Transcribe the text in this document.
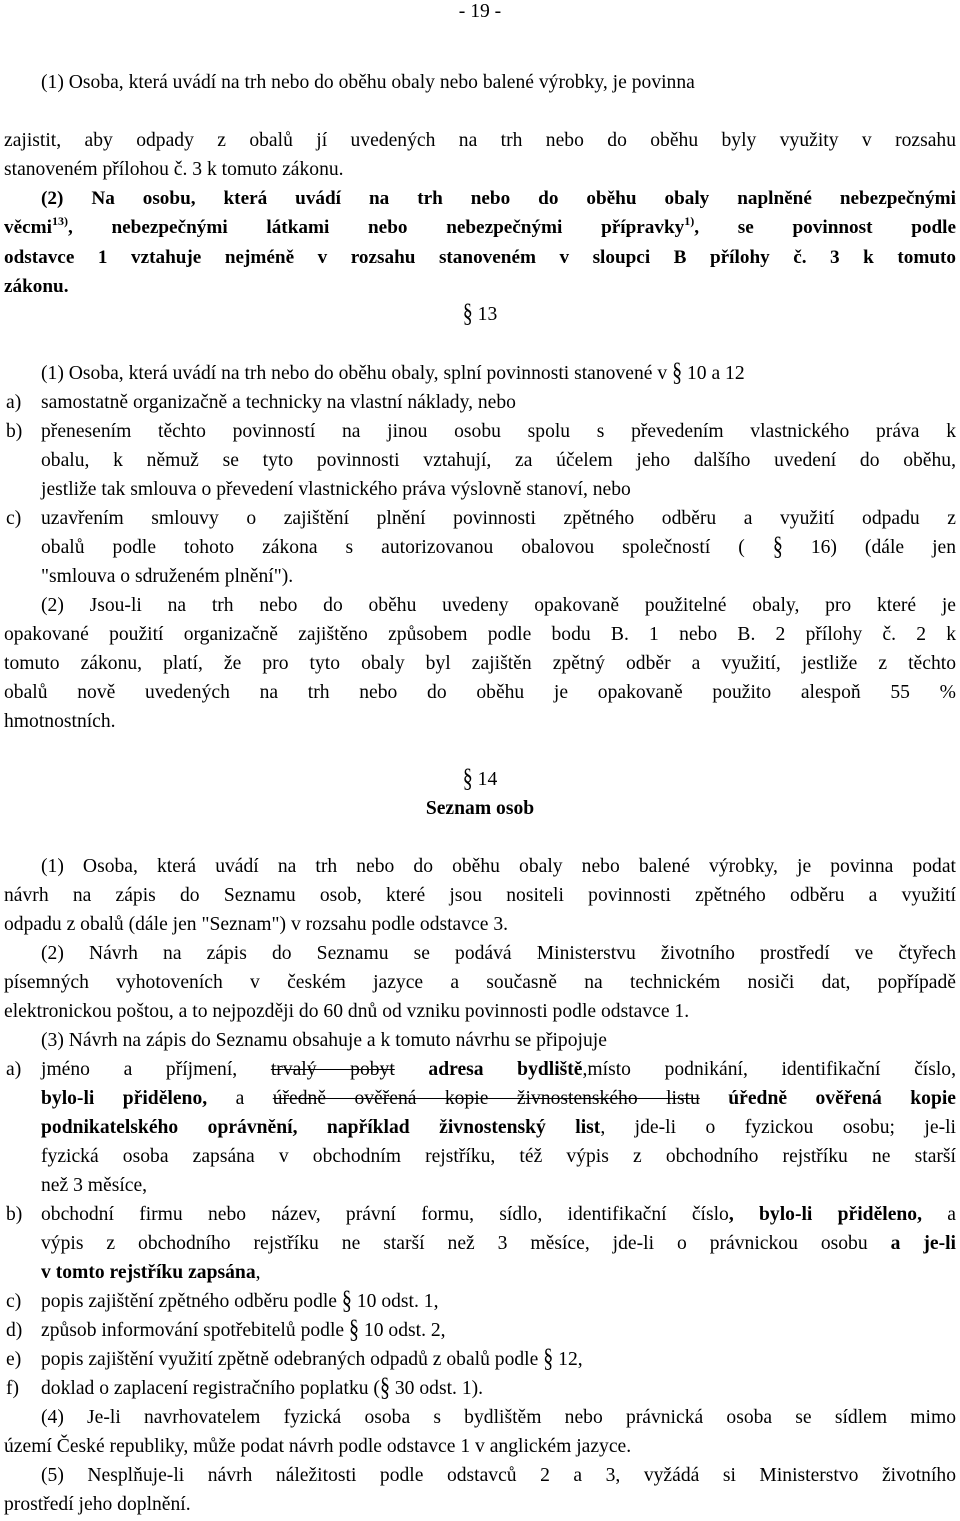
- 19 -
(1) Osoba, která uvádí na trh nebo do oběhu obaly nebo balené výrobky, je povinna
zajistit, aby odpady z obalů jí uvedených na trh nebo do oběhu byly využity v rozsahu
stanoveném přílohou č. 3 k tomuto zákonu.
(2) Na osobu, která uvádí na trh nebo do oběhu obaly naplněné nebezpečnými
věcmi$^{13)}$, nebezpečnými látkami nebo nebezpečnými přípravky$^{1)}$, se povinnost podle
odstavce 1 vztahuje nejméně v rozsahu stanoveném v sloupci B přílohy č. 3 k tomuto
zákonu.
§ 13
(1) Osoba, která uvádí na trh nebo do oběhu obaly, splní povinnosti stanovené v § 10 a 12
a) samostatně organizačně a technicky na vlastní náklady, nebo
b) přenesením těchto povinností na jinou osobu spolu s převedením vlastnického práva k
obalu, k němuž se tyto povinnosti vztahují, za účelem jeho dalšího uvedení do oběhu,
jestliže tak smlouva o převedení vlastnického práva výslovně stanoví, nebo
c) uzavřením smlouvy o zajištění plnění povinnosti zpětného odběru a využití odpadu z
obalů podle tohoto zákona s autorizovanou obalovou společností ( § 16) (dále jen
"smlouva o sdruženém plnění").
(2) Jsou-li na trh nebo do oběhu uvedeny opakovaně použitelné obaly, pro které je
opakované použití organizačně zajištěno způsobem podle bodu B. 1 nebo B. 2 přílohy č. 2 k
tomuto zákonu, platí, že pro tyto obaly byl zajištěn zpětný odběr a využití, jestliže z těchto
obalů nově uvedených na trh nebo do oběhu je opakovaně použito alespoň 55 %
hmotnostních.
§ 14
Seznam osob
(1) Osoba, která uvádí na trh nebo do oběhu obaly nebo balené výrobky, je povinna podat
návrh na zápis do Seznamu osob, které jsou nositeli povinnosti zpětného odběru a využití
odpadu z obalů (dále jen "Seznam") v rozsahu podle odstavce 3.
(2) Návrh na zápis do Seznamu se podává Ministerstvu životního prostředí ve čtyřech
písemných vyhotoveních v českém jazyce a současně na technickém nosiči dat, popřípadě
elektronickou poštou, a to nejpozději do 60 dnů od vzniku povinnosti podle odstavce 1.
(3) Návrh na zápis do Seznamu obsahuje a k tomuto návrhu se připojuje
a) jméno a příjmení, trvalý pobyt adresa bydliště,místo podnikání, identifikační číslo,
bylo-li přiděleno, a úředně ověřená kopie živnostenského listu úředně ověřená kopie
podnikatelského oprávnění, například živnostenský list, jde-li o fyzickou osobu; je-li
fyzická osoba zapsána v obchodním rejstříku, též výpis z obchodního rejstříku ne starší
než 3 měsíce,
b) obchodní firmu nebo název, právní formu, sídlo, identifikační číslo, bylo-li přiděleno, a
výpis z obchodního rejstříku ne starší než 3 měsíce, jde-li o právnickou osobu a je-li
v tomto rejstříku zapsána,
c) popis zajištění zpětného odběru podle § 10 odst. 1,
d) způsob informování spotřebitelů podle § 10 odst. 2,
e) popis zajištění využití zpětně odebraných odpadů z obalů podle § 12,
f) doklad o zaplacení registračního poplatku (§ 30 odst. 1).
(4) Je-li navrhovatelem fyzická osoba s bydlištěm nebo právnická osoba se sídlem mimo
území České republiky, může podat návrh podle odstavce 1 v anglickém jazyce.
(5) Nesplňuje-li návrh náležitosti podle odstavců 2 a 3, vyžádá si Ministerstvo životního
prostředí jeho doplnění.
